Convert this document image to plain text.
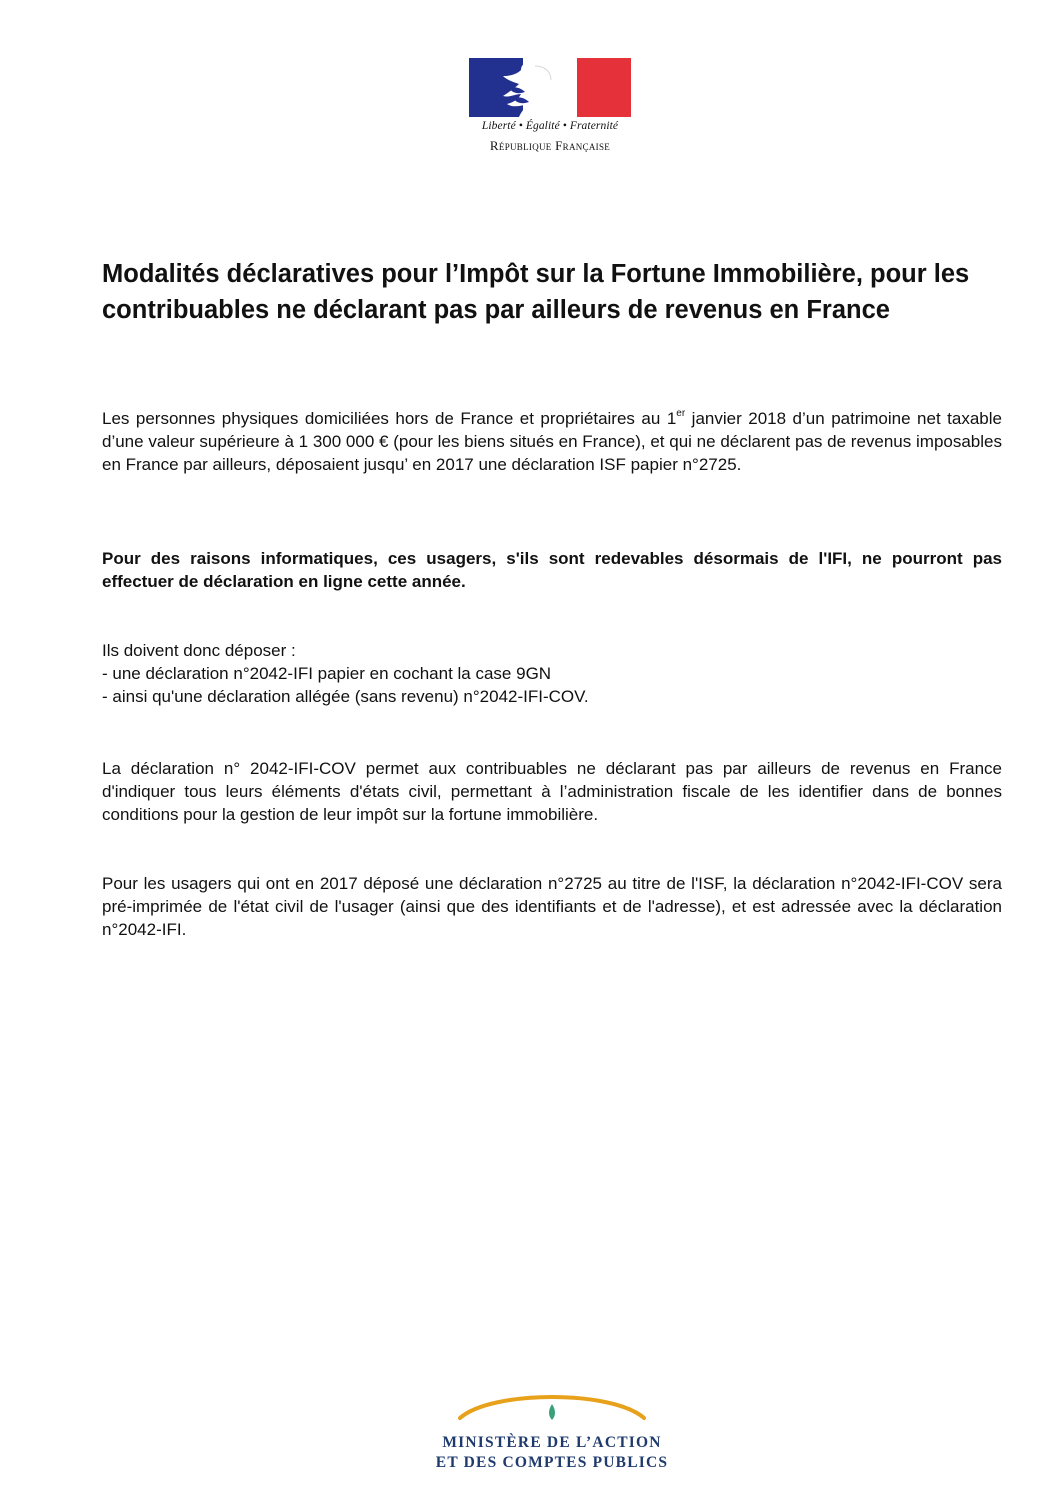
Liberté • Égalité • Fraternité
République Française
Modalités déclaratives pour l’Impôt sur la Fortune Immobilière, pour les contribuables ne déclarant pas par ailleurs de revenus en France

Les personnes physiques domiciliées hors de France et propriétaires au 1er janvier 2018 d’un patrimoine net taxable d’une valeur supérieure à 1 300 000 € (pour les biens situés en France), et qui ne déclarent pas de revenus imposables en France par ailleurs, déposaient jusqu’ en 2017 une déclaration ISF papier n°2725.

Pour des raisons informatiques, ces usagers, s'ils sont redevables désormais de l'IFI, ne pourront pas effectuer de déclaration en ligne cette année.

Ils doivent donc déposer :
- une déclaration n°2042-IFI papier en cochant la case 9GN
- ainsi qu'une déclaration allégée (sans revenu) n°2042-IFI-COV.

La déclaration n° 2042-IFI-COV permet aux contribuables ne déclarant pas par ailleurs de revenus en France d'indiquer tous leurs éléments d'états civil, permettant à l’administration fiscale de les identifier dans de bonnes conditions pour la gestion de leur impôt sur la fortune immobilière.

Pour les usagers qui ont en 2017 déposé une déclaration n°2725 au titre de l'ISF, la déclaration n°2042-IFI-COV sera pré-imprimée de l'état civil de l'usager (ainsi que des identifiants et de l'adresse), et est adressée avec la déclaration n°2042-IFI.

MINISTÈRE DE L’ACTION
ET DES COMPTES PUBLICS
